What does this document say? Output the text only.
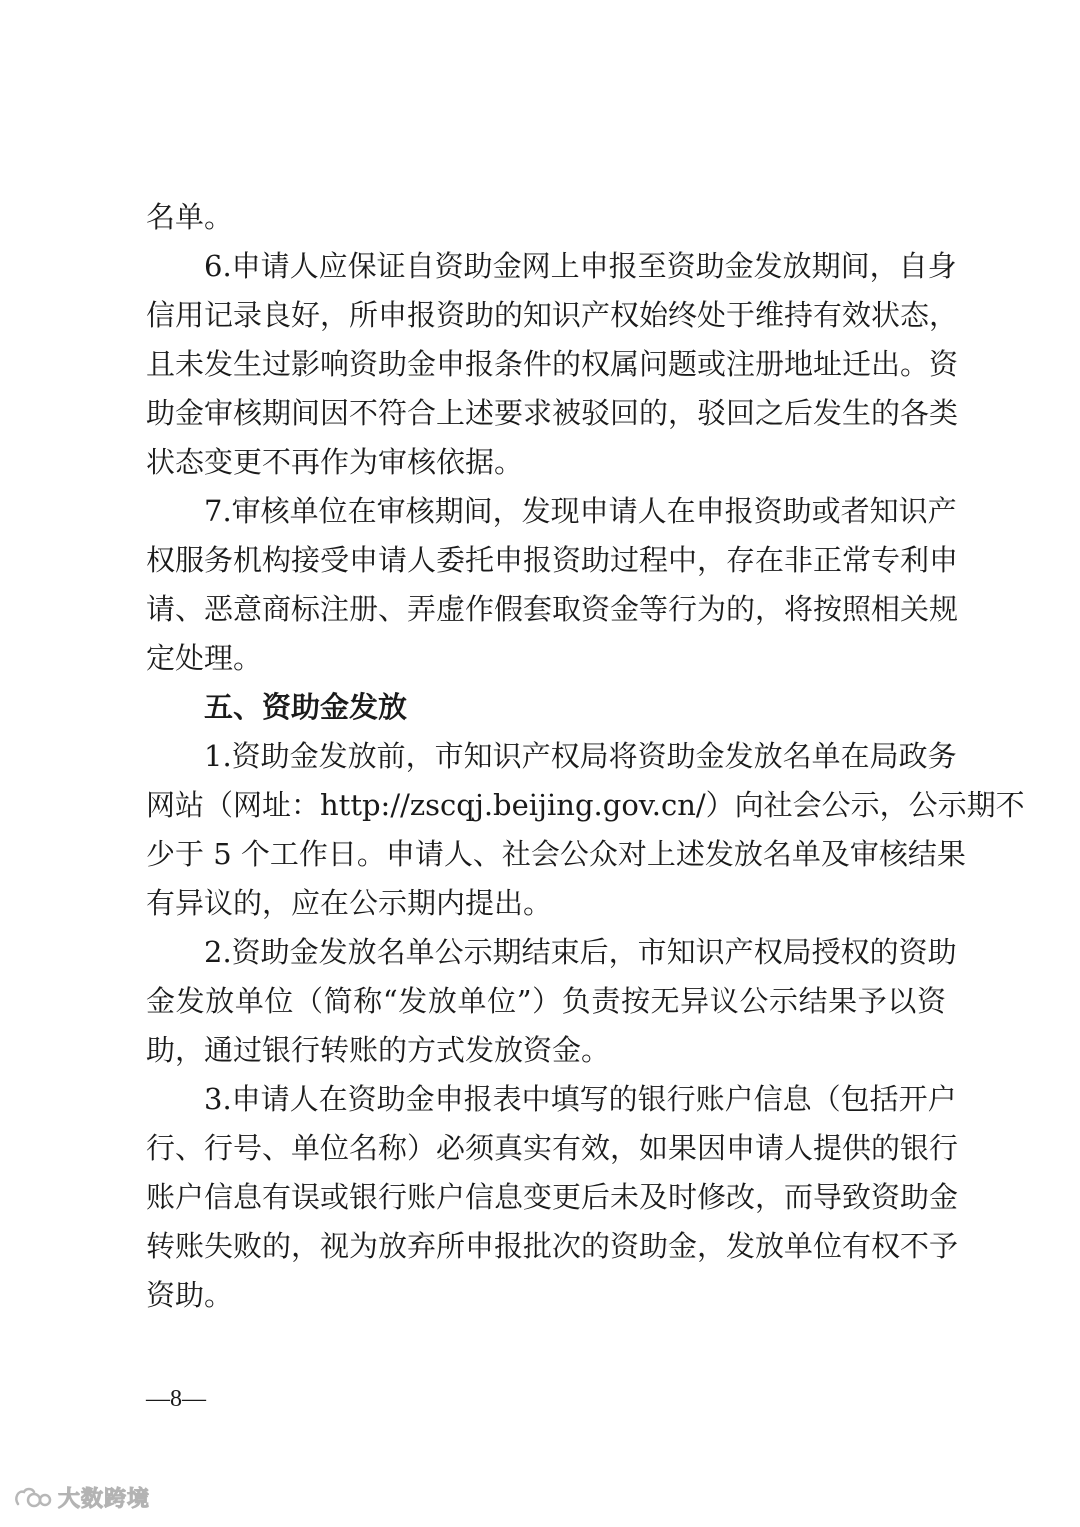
名单。
6.申请人应保证自资助金网上申报至资助金发放期间，自身
信用记录良好，所申报资助的知识产权始终处于维持有效状态，
且未发生过影响资助金申报条件的权属问题或注册地址迁出。资
助金审核期间因不符合上述要求被驳回的，驳回之后发生的各类
状态变更不再作为审核依据。
7.审核单位在审核期间，发现申请人在申报资助或者知识产
权服务机构接受申请人委托申报资助过程中，存在非正常专利申
请、恶意商标注册、弄虚作假套取资金等行为的，将按照相关规
定处理。
五、资助金发放
1.资助金发放前，市知识产权局将资助金发放名单在局政务
网站（网址：http://zscqj.beijing.gov.cn/）向社会公示，公示期不
少于 5 个工作日。申请人、社会公众对上述发放名单及审核结果
有异议的，应在公示期内提出。
2.资助金发放名单公示期结束后，市知识产权局授权的资助
金发放单位（简称“发放单位”）负责按无异议公示结果予以资
助，通过银行转账的方式发放资金。
3.申请人在资助金申报表中填写的银行账户信息（包括开户
行、行号、单位名称）必须真实有效，如果因申请人提供的银行
账户信息有误或银行账户信息变更后未及时修改，而导致资助金
转账失败的，视为放弃所申报批次的资助金，发放单位有权不予
资助。
—8—
大数跨境
